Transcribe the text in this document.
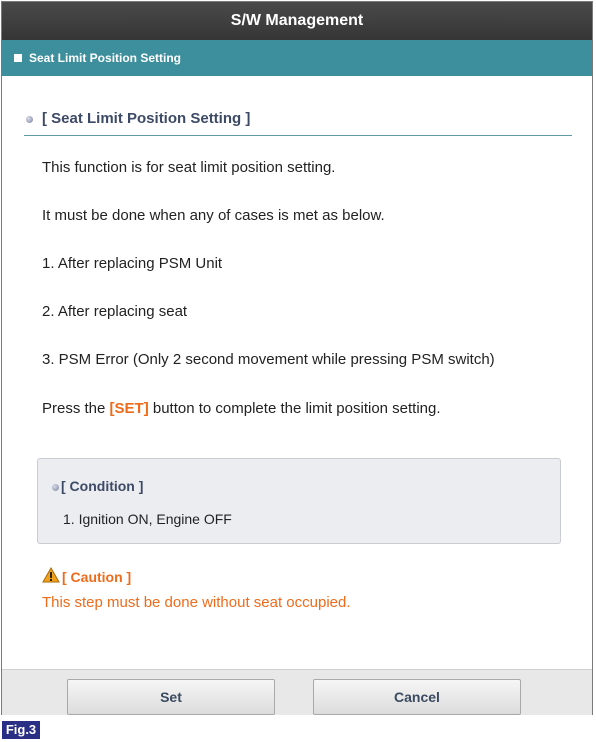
S/W Management
Seat Limit Position Setting
[ Seat Limit Position Setting ]
This function is for seat limit position setting.
It must be done when any of cases is met as below.
1. After replacing PSM Unit
2. After replacing seat
3. PSM Error (Only 2 second movement while pressing PSM switch)
Press the [SET] button to complete the limit position setting.
[ Condition ]
1. Ignition ON, Engine OFF
[ Caution ]
This step must be done without seat occupied.
Set	Cancel
Fig.3
